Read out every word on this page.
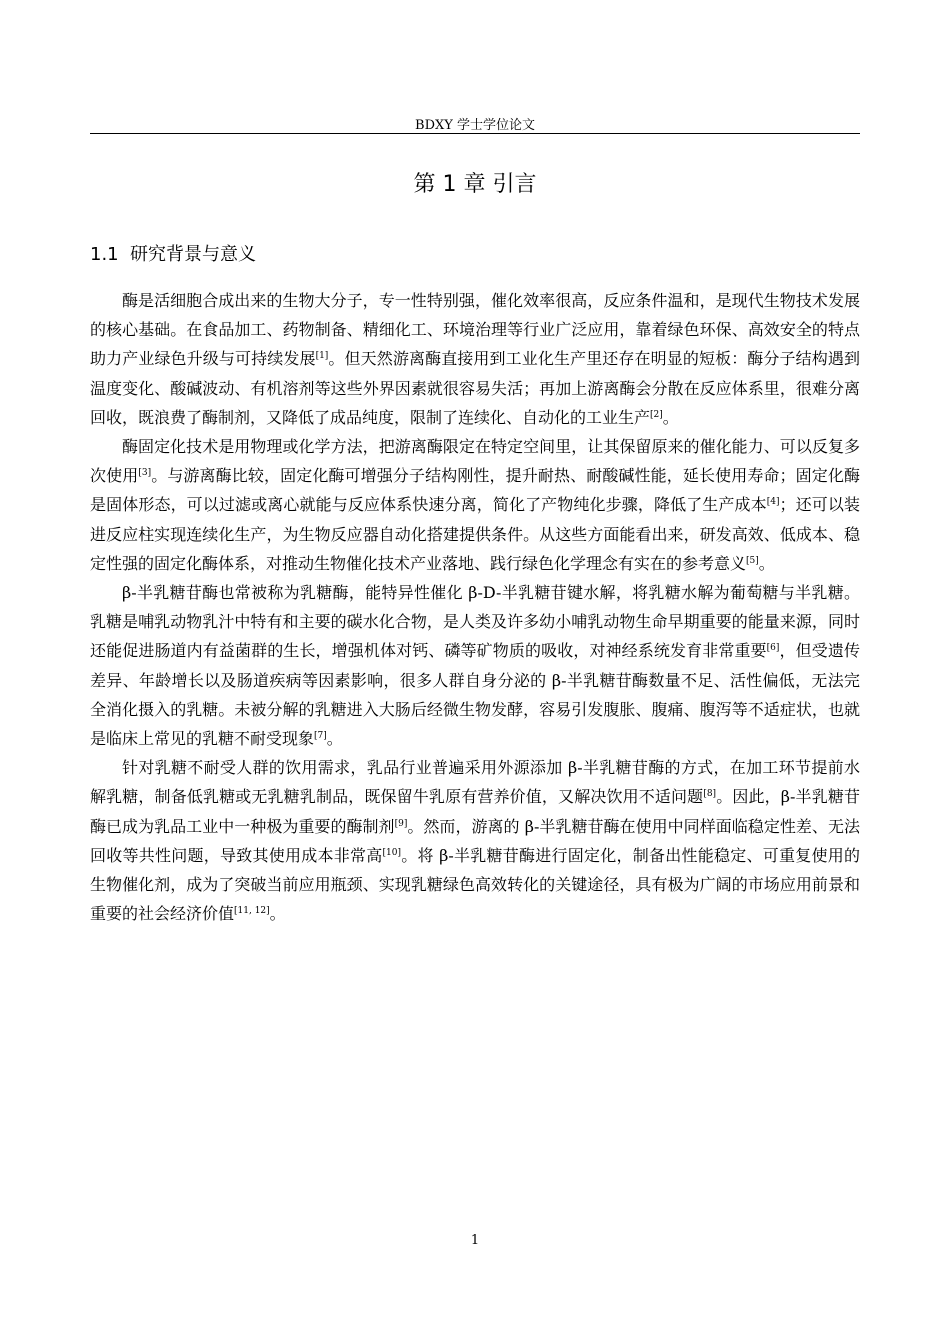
BDXY 学士学位论文
第 1 章 引言
1.1 研究背景与意义

酶是活细胞合成出来的生物大分子，专一性特别强，催化效率很高，反应条件温和，是现代生物技术发展的核心基础。在食品加工、药物制备、精细化工、环境治理等行业广泛应用，靠着绿色环保、高效安全的特点助力产业绿色升级与可持续发展[1]。但天然游离酶直接用到工业化生产里还存在明显的短板：酶分子结构遇到温度变化、酸碱波动、有机溶剂等这些外界因素就很容易失活；再加上游离酶会分散在反应体系里，很难分离回收，既浪费了酶制剂，又降低了成品纯度，限制了连续化、自动化的工业生产[2]。

酶固定化技术是用物理或化学方法，把游离酶限定在特定空间里，让其保留原来的催化能力、可以反复多次使用[3]。与游离酶比较，固定化酶可增强分子结构刚性，提升耐热、耐酸碱性能，延长使用寿命；固定化酶是固体形态，可以过滤或离心就能与反应体系快速分离，简化了产物纯化步骤，降低了生产成本[4]；还可以装进反应柱实现连续化生产，为生物反应器自动化搭建提供条件。从这些方面能看出来，研发高效、低成本、稳定性强的固定化酶体系，对推动生物催化技术产业落地、践行绿色化学理念有实在的参考意义[5]。

β-半乳糖苷酶也常被称为乳糖酶，能特异性催化 β-D-半乳糖苷键水解，将乳糖水解为葡萄糖与半乳糖。乳糖是哺乳动物乳汁中特有和主要的碳水化合物，是人类及许多幼小哺乳动物生命早期重要的能量来源，同时还能促进肠道内有益菌群的生长，增强机体对钙、磷等矿物质的吸收，对神经系统发育非常重要[6]，但受遗传差异、年龄增长以及肠道疾病等因素影响，很多人群自身分泌的 β-半乳糖苷酶数量不足、活性偏低，无法完全消化摄入的乳糖。未被分解的乳糖进入大肠后经微生物发酵，容易引发腹胀、腹痛、腹泻等不适症状，也就是临床上常见的乳糖不耐受现象[7]。

针对乳糖不耐受人群的饮用需求，乳品行业普遍采用外源添加 β-半乳糖苷酶的方式，在加工环节提前水解乳糖，制备低乳糖或无乳糖乳制品，既保留牛乳原有营养价值，又解决饮用不适问题[8]。因此，β-半乳糖苷酶已成为乳品工业中一种极为重要的酶制剂[9]。然而，游离的 β-半乳糖苷酶在使用中同样面临稳定性差、无法回收等共性问题，导致其使用成本非常高[10]。将 β-半乳糖苷酶进行固定化，制备出性能稳定、可重复使用的生物催化剂，成为了突破当前应用瓶颈、实现乳糖绿色高效转化的关键途径，具有极为广阔的市场应用前景和重要的社会经济价值[11, 12]。

1
